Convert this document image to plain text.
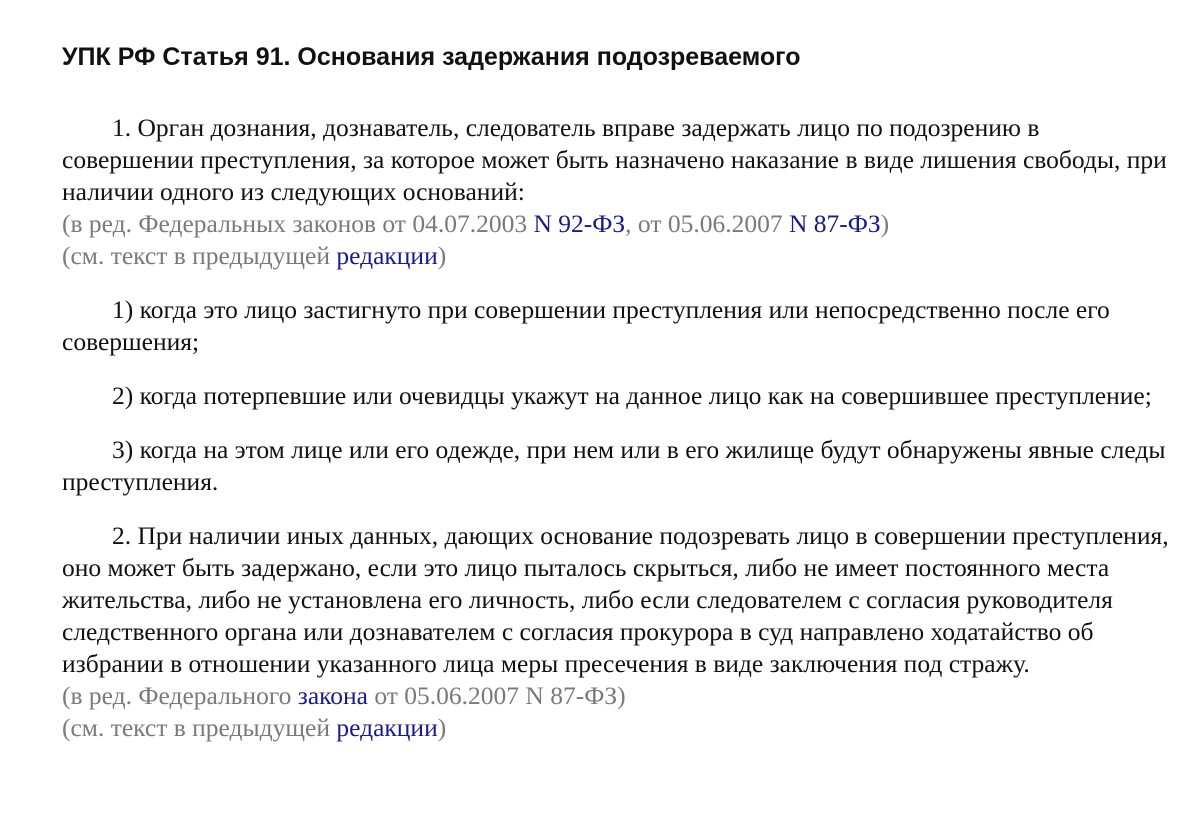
УПК РФ Статья 91. Основания задержания подозреваемого

1. Орган дознания, дознаватель, следователь вправе задержать лицо по подозрению в совершении преступления, за которое может быть назначено наказание в виде лишения свободы, при наличии одного из следующих оснований:

(в ред. Федеральных законов от 04.07.2003 N 92-ФЗ, от 05.06.2007 N 87-ФЗ)

(см. текст в предыдущей редакции)

1) когда это лицо застигнуто при совершении преступления или непосредственно после его совершения;

2) когда потерпевшие или очевидцы укажут на данное лицо как на совершившее преступление;

3) когда на этом лице или его одежде, при нем или в его жилище будут обнаружены явные следы преступления.

2. При наличии иных данных, дающих основание подозревать лицо в совершении преступления, оно может быть задержано, если это лицо пыталось скрыться, либо не имеет постоянного места жительства, либо не установлена его личность, либо если следователем с согласия руководителя следственного органа или дознавателем с согласия прокурора в суд направлено ходатайство об избрании в отношении указанного лица меры пресечения в виде заключения под стражу.

(в ред. Федерального закона от 05.06.2007 N 87-ФЗ)

(см. текст в предыдущей редакции)
